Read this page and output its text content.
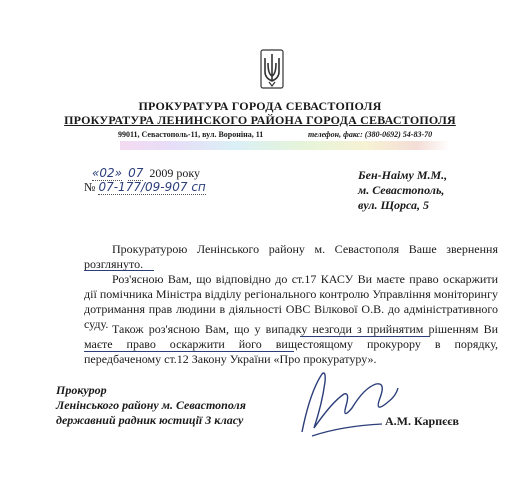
ПРОКУРАТУРА ГОРОДА СЕВАСТОПОЛЯ
ПРОКУРАТУРА ЛЕНИНСКОГО РАЙОНА ГОРОДА СЕВАСТОПОЛЯ
99011, Севастополь-11, вул. Вороніна, 11	телефон, факс: (380-0692) 54-83-70
«02» 07 2009 року
№ 07-177/09-907 сп
Бен-Наіму М.М.,
м. Севастополь,
вул. Щорса, 5
Прокуратурою Ленінського району м. Севастополя Ваше звернення розглянуто.
Роз'ясною Вам, що відповідно до ст.17 КАСУ Ви маєте право оскаржити дії помічника Міністра відділу регіонального контролю Управління моніторингу дотримання прав людини в діяльності ОВС Вілкової О.В. до адміністративного суду. Також роз'ясною Вам, що у випадку незгоди з прийнятим рішенням Ви маєте право оскаржити його вищестоящому прокурору в порядку, передбаченому ст.12 Закону України «Про прокуратуру».
Прокурор
Ленінського району м. Севастополя
державний радник юстиції 3 класу	А.М. Карпєєв
